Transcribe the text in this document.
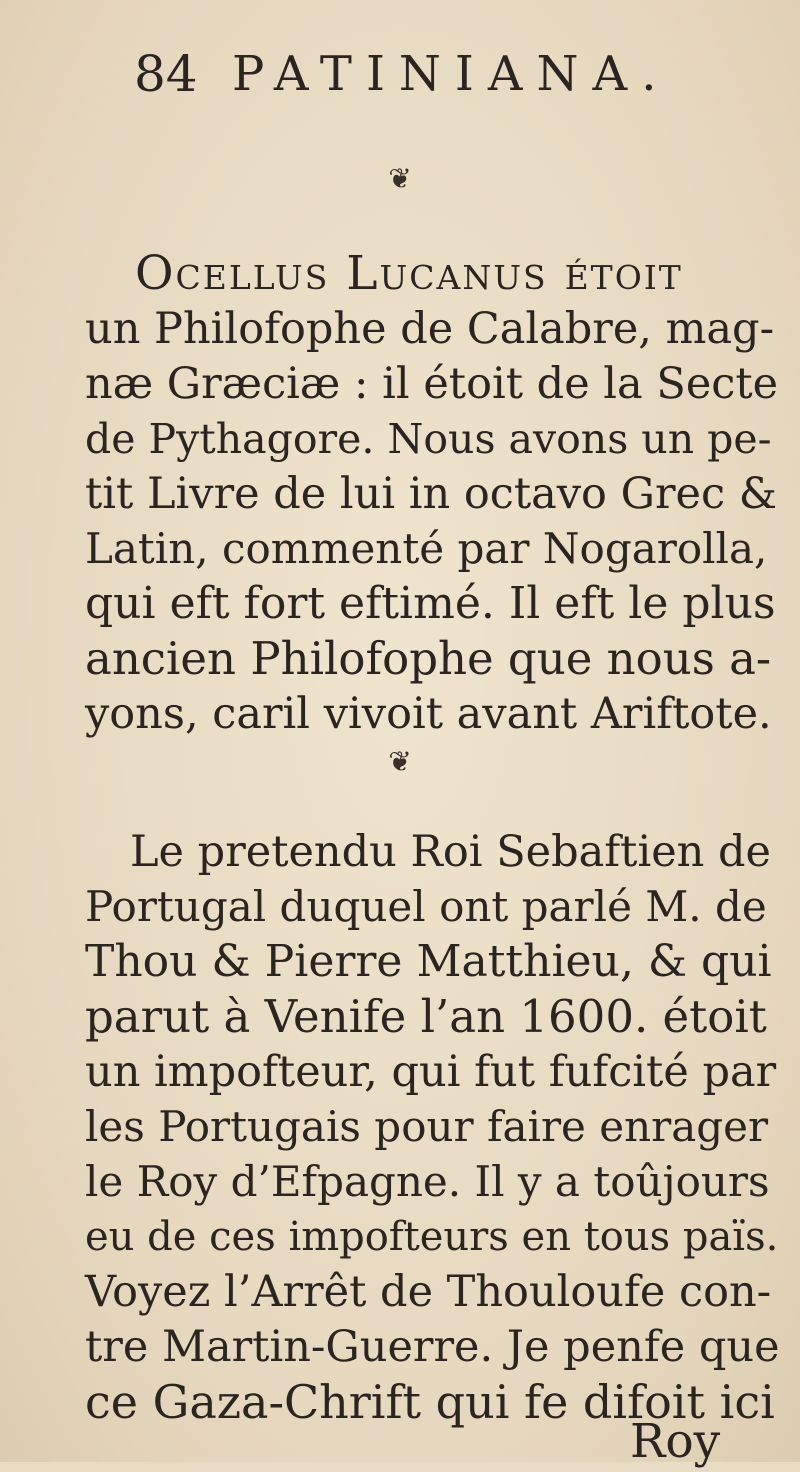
84 PATINIANA.
❦
Ocellus Lucanus étoit
un Philofophe de Calabre, mag-
næ Græciæ : il étoit de la Secte
de Pythagore. Nous avons un pe-
tit Livre de lui in octavo Grec &
Latin, commenté par Nogarolla,
qui eft fort eftimé. Il eft le plus
ancien Philofophe que nous a-
yons, caril vivoit avant Ariftote.
❦
Le pretendu Roi Sebaftien de
Portugal duquel ont parlé M. de
Thou & Pierre Matthieu, & qui
parut à Venife l’an 1600. étoit
un impofteur, qui fut fufcité par
les Portugais pour faire enrager
le Roy d’Efpagne. Il y a toûjours
eu de ces impofteurs en tous païs.
Voyez l’Arrêt de Thouloufe con-
tre Martin-Guerre. Je penfe que
ce Gaza-Chrift qui fe difoit ici
Roy
